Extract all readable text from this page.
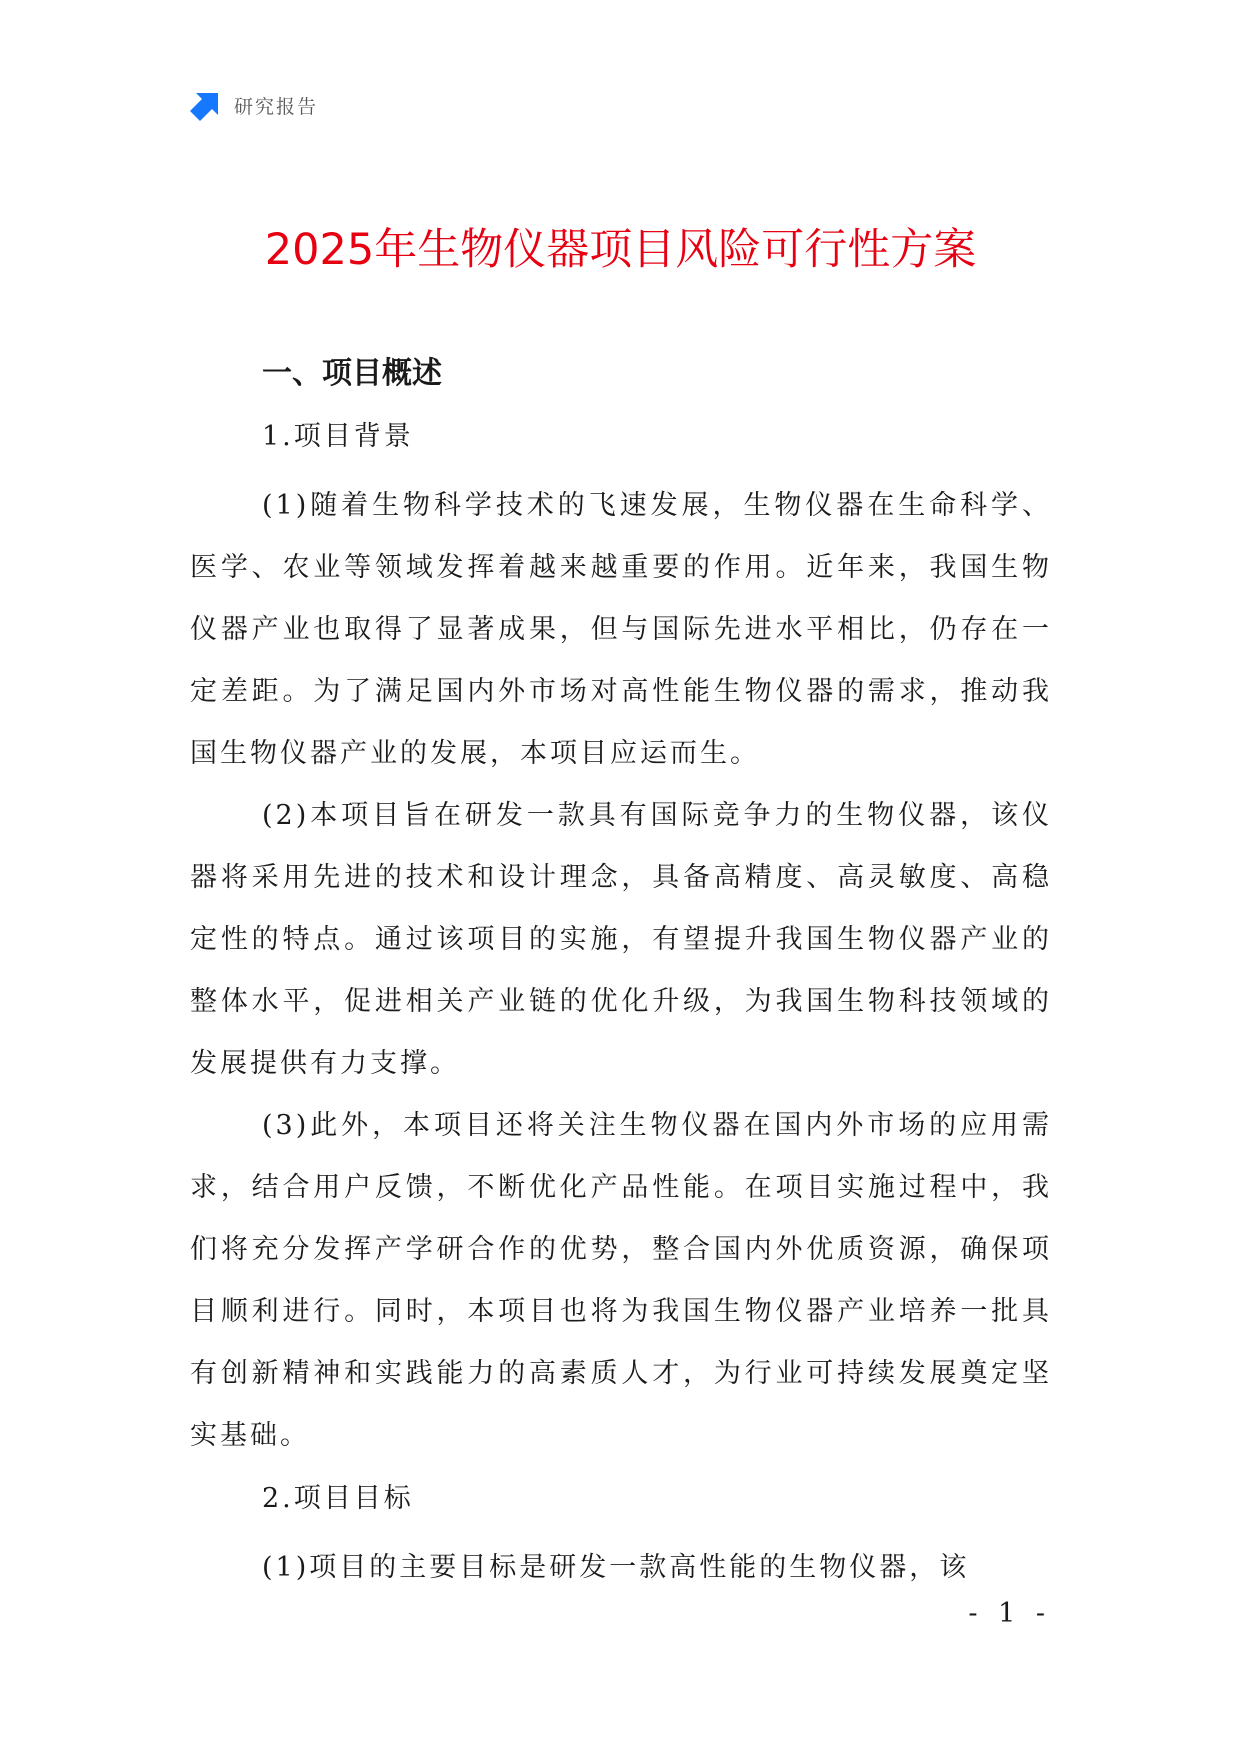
研究报告
2025年生物仪器项目风险可行性方案
一、项目概述
1.项目背景

(1)随着生物科学技术的飞速发展，生物仪器在生命科学、医学、农业等领域发挥着越来越重要的作用。近年来，我国生物仪器产业也取得了显著成果，但与国际先进水平相比，仍存在一定差距。为了满足国内外市场对高性能生物仪器的需求，推动我国生物仪器产业的发展，本项目应运而生。

(2)本项目旨在研发一款具有国际竞争力的生物仪器，该仪器将采用先进的技术和设计理念，具备高精度、高灵敏度、高稳定性的特点。通过该项目的实施，有望提升我国生物仪器产业的整体水平，促进相关产业链的优化升级，为我国生物科技领域的发展提供有力支撑。

(3)此外，本项目还将关注生物仪器在国内外市场的应用需求，结合用户反馈，不断优化产品性能。在项目实施过程中，我们将充分发挥产学研合作的优势，整合国内外优质资源，确保项目顺利进行。同时，本项目也将为我国生物仪器产业培养一批具有创新精神和实践能力的高素质人才，为行业可持续发展奠定坚实基础。

2.项目目标

(1)项目的主要目标是研发一款高性能的生物仪器，该

- 1 -
